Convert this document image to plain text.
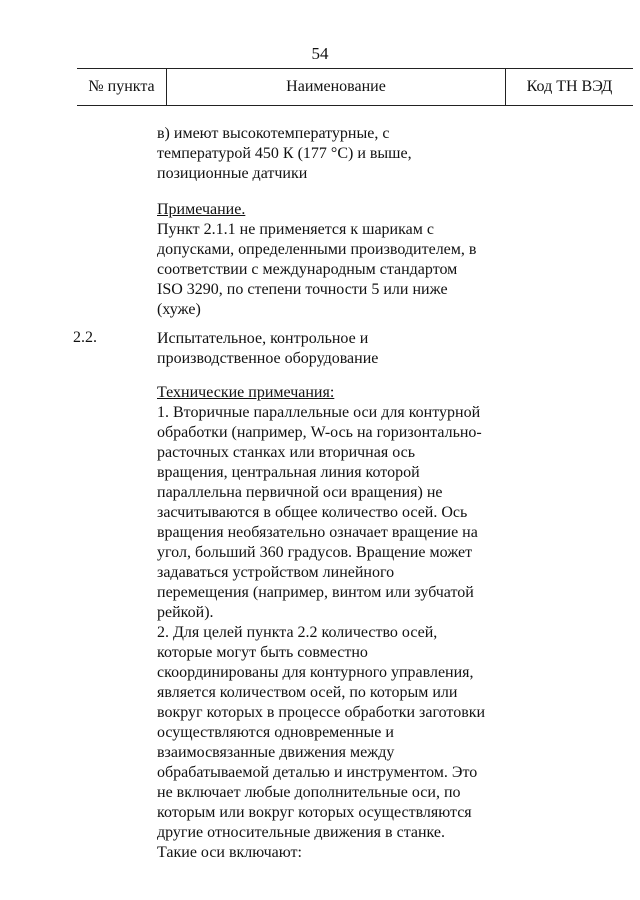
54
№ пункта	Наименование	Код ТН ВЭД
в) имеют высокотемпературные, с
температурой 450 К (177 °С) и выше,
позиционные датчики
Примечание.
Пункт 2.1.1 не применяется к шарикам с
допусками, определенными производителем, в
соответствии с международным стандартом
ISO 3290, по степени точности 5 или ниже
(хуже)
2.2.	Испытательное, контрольное и
производственное оборудование
Технические примечания:
1. Вторичные параллельные оси для контурной
обработки (например, W-ось на горизонтально-
расточных станках или вторичная ось
вращения, центральная линия которой
параллельна первичной оси вращения) не
засчитываются в общее количество осей. Ось
вращения необязательно означает вращение на
угол, больший 360 градусов. Вращение может
задаваться устройством линейного
перемещения (например, винтом или зубчатой
рейкой).
2. Для целей пункта 2.2 количество осей,
которые могут быть совместно
скоординированы для контурного управления,
является количеством осей, по которым или
вокруг которых в процессе обработки заготовки
осуществляются одновременные и
взаимосвязанные движения между
обрабатываемой деталью и инструментом. Это
не включает любые дополнительные оси, по
которым или вокруг которых осуществляются
другие относительные движения в станке.
Такие оси включают:
